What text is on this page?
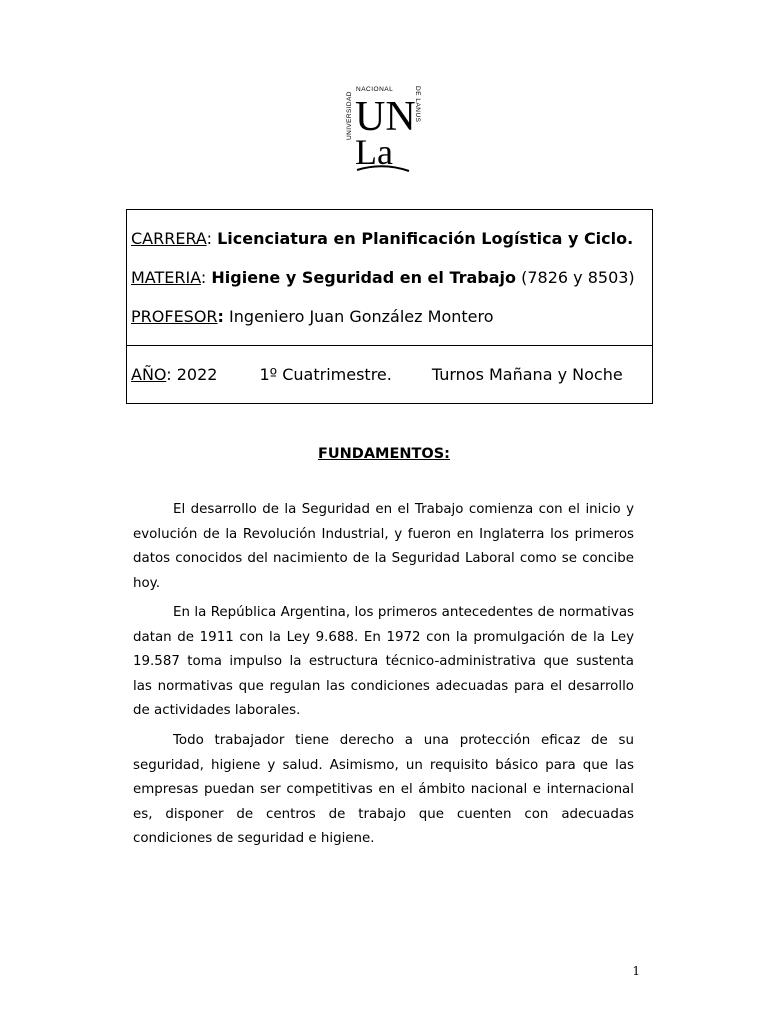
UNIVERSIDAD
NACIONAL	DE LANUS
UN
La
CARRERA: Licenciatura en Planificación Logística y Ciclo.
MATERIA: Higiene y Seguridad en el Trabajo (7826 y 8503)
PROFESOR: Ingeniero Juan González Montero
AÑO: 2022	1º Cuatrimestre.	Turnos Mañana y Noche
FUNDAMENTOS:

El desarrollo de la Seguridad en el Trabajo comienza con el inicio y evolución de la Revolución Industrial, y fueron en Inglaterra los primeros datos conocidos del nacimiento de la Seguridad Laboral como se concibe hoy.

En la República Argentina, los primeros antecedentes de normativas datan de 1911 con la Ley 9.688. En 1972 con la promulgación de la Ley 19.587 toma impulso la estructura técnico-administrativa que sustenta las normativas que regulan las condiciones adecuadas para el desarrollo de actividades laborales.

Todo trabajador tiene derecho a una protección eficaz de su seguridad, higiene y salud. Asimismo, un requisito básico para que las empresas puedan ser competitivas en el ámbito nacional e internacional es, disponer de centros de trabajo que cuenten con adecuadas condiciones de seguridad e higiene.

1
